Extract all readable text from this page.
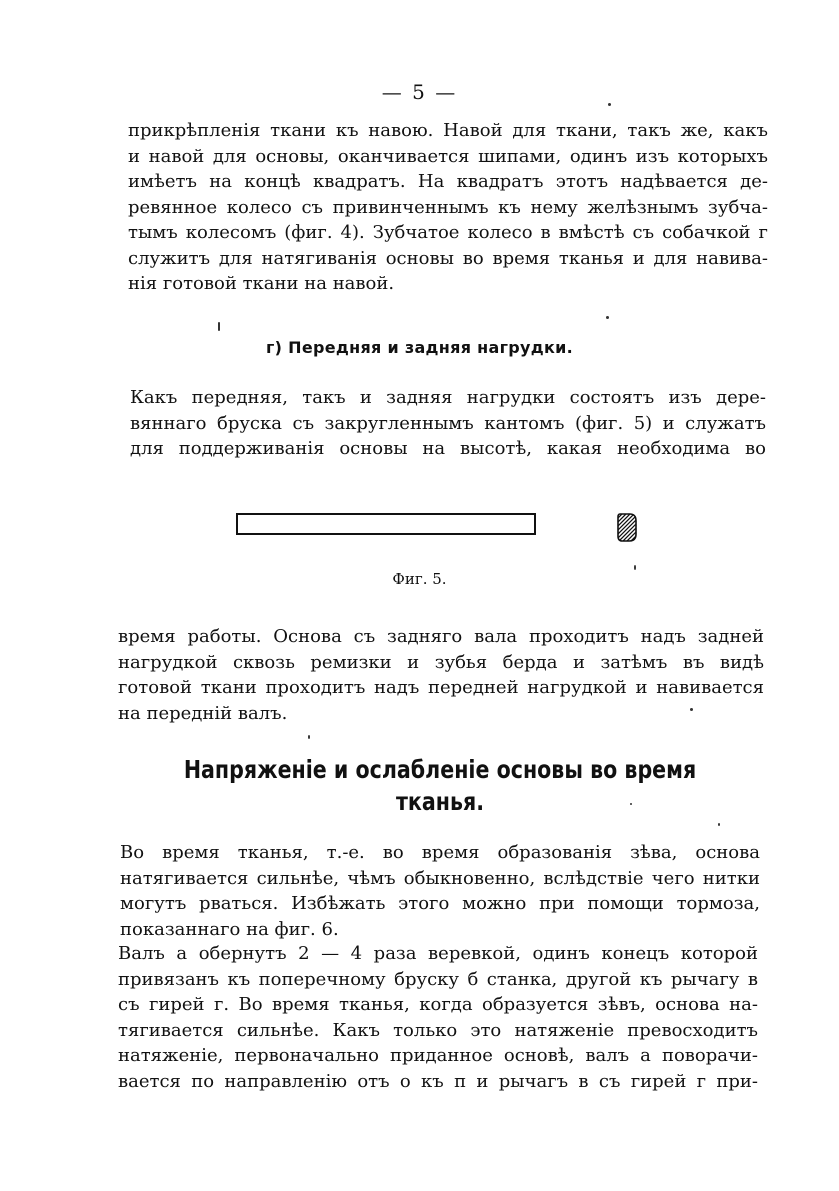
— 5 —
прикрѣпленія ткани къ навою. Навой для ткани, такъ же, какъ
и навой для основы, оканчивается шипами, одинъ изъ которыхъ
имѣетъ на концѣ квадратъ. На квадратъ этотъ надѣвается де-
ревянное колесо съ привинченнымъ къ нему желѣзнымъ зубча-
тымъ колесомъ (фиг. 4). Зубчатое колесо в вмѣстѣ съ собачкой г
служитъ для натягиванія основы во время тканья и для навива-
нія готовой ткани на навой.
г) Передняя и задняя нагрудки.
Какъ передняя, такъ и задняя нагрудки состоятъ изъ дере-
вяннаго бруска съ закругленнымъ кантомъ (фиг. 5) и служатъ
для поддерживанія основы на высотѣ, какая необходима во
Фиг. 5.
время работы. Основа съ задняго вала проходитъ надъ задней
нагрудкой сквозь ремизки и зубья берда и затѣмъ въ видѣ
готовой ткани проходитъ надъ передней нагрудкой и навивается
на передній валъ.
Напряженіе и ослабленіе основы во время
тканья.
Во время тканья, т.-е. во время образованія зѣва, основа
натягивается сильнѣе, чѣмъ обыкновенно, вслѣдствіе чего нитки
могутъ рваться. Избѣжать этого можно при помощи тормоза,
показаннаго на фиг. 6.
Валъ а обернутъ 2 — 4 раза веревкой, одинъ конецъ которой
привязанъ къ поперечному бруску б станка, другой къ рычагу в
съ гирей г. Во время тканья, когда образуется зѣвъ, основа на-
тягивается сильнѣе. Какъ только это натяженіе превосходитъ
натяженіе, первоначально приданное основѣ, валъ а поворачи-
вается по направленію отъ о къ п и рычагъ в съ гирей г при-
